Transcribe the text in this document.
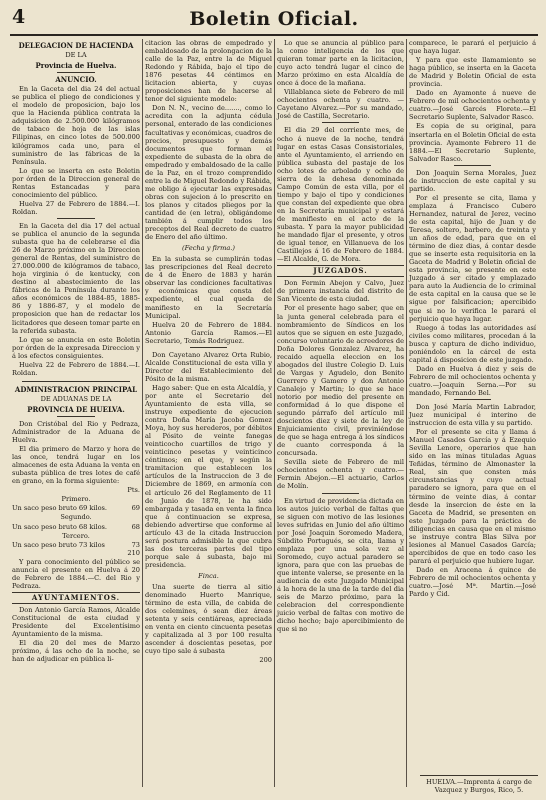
4	Boletin Oficial.
DELEGACION DE HACIENDA
DE LA
Provincia de Huelva.
ANUNCIO.

En la Gaceta del dia 24 del actual se publica el pliego de condiciones y el modelo de proposicion, bajo los que la Hacienda pública contrata la adquisicion de 2.500.000 kilógramos de tabaco de hoja de las islas Filipinas, en cinco lotes de 500.000 kilógramos cada uno, para el suministro de las fábricas de la Península.

Lo que se inserta en este Boletin por órden de la Direccion general de Rentas Estancadas y para conocimiento del público.

Huelva 27 de Febrero de 1884.—I. Roldan.

En la Gaceta del dia 17 del actual se publica el anuncio de la segunda subasta que ha de celebrarse el dia 26 de Marzo próximo en la Direccion general de Rentas, del suministro de 27.000.000 de kilógramos de tabaco, hoja virginia ó de kentucky, con destino al abastecimiento de las fábricas de la Península durante los años económicos de 1884-85, 1885-86 y 1886-87, y el modelo de proposicion que han de redactar los licitadores que deseen tomar parte en la referida subasta.

Lo que se anuncia en este Boletin por órden de la expresada Direccion y á los efectos consiguientes.

Huelva 22 de Febrero de 1884.—I. Roldan.

ADMINISTRACION PRINCIPAL
DE ADUANAS DE LA
PROVINCIA DE HUELVA.

Don Cristóbal del Rio y Pedraza, Administrador de la Aduana de Huelva.

El dia primero de Marzo y hora de las once, tendrá lugar en los almacenes de esta Aduana la venta en subasta pública de tres lotes de café en grano, en la forma siguiente:

Pts.
Primero.
Un saco peso bruto 69 kilos.	69
Segundo.
Un saco peso bruto 68 kilos.	68
Tercero.
Un saco peso bruto 73 kilos	73
210

Y para conocimiento del público se anuncia el presente en Huelva á 20 de Febrero de 1884.—C. del Rio y Pedraza.

AYUNTAMIENTOS.

Don Antonio García Ramos, Alcalde Constitucional de esta ciudad y Presidente del Excelentísimo Ayuntamiento de la misma.

El dia 20 del mes de Marzo próximo, á las ocho de la noche, se han de adjudicar en pública li-

citacion las obras de empedrado y embaldosado de la prolongacion de la calle de la Paz, entre la de Miguel Redondo y Rábida, bajo el tipo de 1876 pesetas 44 céntimos en licitacion abierta, y cuyas proposiciones han de hacerse al tenor del siguiente modelo:

Don N. N., vecino de......., como lo acredita con la adjunta cédula personal, enterado de las condiciones facultativas y económicas, cuadros de precios, presupuesto y demás documentos que forman el expediente de subasta de la obra de empedrado y embaldosado de la calle de la Paz, en el trozo comprendido entre la de Miguel Redondo y Rábida, me obligo á ejecutar las expresadas obras con sujecion á lo prescrito en los planos y citados pliegos por la cantidad de (en letra), obligándome también á cumplir todos los preceptos del Real decreto de cuatro de Enero del año último.

(Fecha y firma.)

En la subasta se cumplirán todas las prescripciones del Real decreto de 4 de Enero de 1883 y harán observar las condiciones facultativas y económicas que consta del expediente, el cual queda de manifiesto en la Secretaría Municipal.

Huelva 20 de Febrero de 1884. Antonio García Ramos.—El Secretario, Tomás Rodriguez.

Don Cayetano Alvarez Orta Rubio, Alcalde Constitucional de esta villa y Director del Establecimiento del Pósito de la misma.

Hago saber: Que en esta Alcaldía, y por ante el Secretario del Ayuntamiento de esta villa, se instruye expediente de ejecucion contra Doña María Jacoba Gomez Moya, hoy sus herederos, por débitos al Pósito de veinte fanegas veinticocho cuartillos de trigo y veinticinco pesetas y veinticinco céntimos; en el que, y según la tramitacion que establecen los artículos de la Instruccion de 3 de Diciembre de 1869, en armonía con el artículo 26 del Reglamento de 11 de Junio de 1878, le ha sido embargada y tasada en venta la finca que á continuacion se expresa, debiendo advertirse que conforme al artículo 43 de la citada Instruccion será postura admisible la que cubra las dos terceras partes del tipo porque sale á subasta, bajo mi presidencia.

Finca.

Una suerte de tierra al sitio denominado Huerto Manrique, término de esta villa, de cabida de dos celemines, ó sean diez áreas setenta y seis centiáreas, apreciada en venta en ciento cincuenta pesetas y capitalizada al 3 por 100 resulta ascender á doscientas pesetas, por cuyo tipo sale á subasta

200

Lo que se anuncia al público para la como inteligencia de los que quieran tomar parte en la licitacion, cuyo acto tendrá lugar el cinco de Marzo próximo en esta Alcaldía de once á doce de la mañana.

Villablanca siete de Febrero de mil ochocientos ochenta y cuatro. —Cayetano Alvarez.—Por su mandado, José de Castilla, Secretario.

El dia 29 del corriente mes, de ocho á nueve de la noche, tendrá lugar en estas Casas Consistoriales, ante el Ayuntamiento, el arriendo en pública subasta del pastaje de los ocho lotes de arbolado y ocho de sierra de la dehesa denominada Campo Común de esta villa, por el tiempo y bajo el tipo y condiciones que constan del expediente que obra en la Secretaría municipal y estará de manifiesto en el acto de la subasta. Y para la mayor publicidad he mandado fijar el presente, y otros de igual tenor, en Villanueva de los Castillejos á 16 de Febrero de 1884.—El Alcalde, G. de Mora.

JUZGADOS.

Don Fermin Abejon y Calvo, Juez de primera instancia del distrito de San Vicente de esta ciudad.

Por el presente hago saber, que en la junta general celebrada para el nombramiento de Síndicos en los autos que se siguen en este Juzgado, concurso voluntario de acreedores de Doña Dolores Gonzalez Alvarez, ha recaido aquella eleccion en los abogados del ilustre Colegio D. Luis de Vargas y Agudelo, don Benito Guerrero y Gamero y don Antonio Canalejo y Martin; lo que se hace notorio por medio del presente en conformidad á lo que dispone el segundo párrafo del artículo mil doscientos diez y siete de la ley de Enjuiciamiento civil, previniéndose de que se haga entrega á los síndicos de cuanto corresponda á la concursada.

Sevilla siete de Febrero de mil ochocientos ochenta y cuatro.—Fermin Abejon.—El actuario, Carlos de Molín.

En virtud de providencia dictada en los autos juicio verbal de faltas que se siguen con motivo de las lesiones leves sufridas en Junio del año último por José Joaquin Soromedo Madera, Súbdito Portugués, se cita, llama y emplaza por una sola vez al Soromedo, cuyo actual paradero se ignora, para que con las pruebas de que intente valerse, se presente en la audiencia de este Juzgado Municipal á la hora de la una de la tarde del dia seis de Marzo próximo, para la celebracion del correspondiente juicio verbal de faltas con motivo de dicho hecho; bajo apercibimiento de que si no

comparece, le parará el perjuicio á que haya lugar.

Y para que este llamamiento se haga público, se inserta en la Gaceta de Madrid y Boletin Oficial de esta provincia.

Dado en Ayamonte á nueve de Febrero de mil ochocientos ochenta y cuatro.—José Garcés Florete.—El Secretario Suplente, Salvador Rasco.

Es copia de su original, para insertarla en el Boletin Oficial de esta provincia. Ayamonte Febrero 11 de 1884.—El Secretario Suplente, Salvador Rasco.

Don Joaquin Serna Morales, Juez de instruccion de este capital y su partido.

Por el presente se cita, llama y emplaza á Francisco Cubero Hernandez, natural de Jerez, vecino de esta capital, hijo de Juan y de Teresa, soltero, barbero, de treinta y un años de edad, para que en el término de diez dias, á contar desde que se inserte esta requisitoria en la Gaceta de Madrid y Boletin oficial de esta provincia, se presente en este Juzgado á ser citado y emplazado para auto la Audiencia de lo criminal de esta capital en la causa que se le sigue por falsificacion; apercibido que si no lo verifica le parará el perjuicio que haya lugar.

Ruego á todas las autoridades así civiles como militares, procedan á la busca y captura de dicho individuo, poniéndolo en la cárcel de esta capital á disposicion de este juzgado.

Dado en Huelva á diez y seis de Febrero de mil ochocientos ochenta y cuatro.—Joaquin Serna.—Por su mandado, Fernando Bel.

Don José María Martin Labrador, Juez municipal é interino de instruccion de esta villa y su partido.

Por el presente se cita y llama á Manuel Casados García y á Ezequio Sevilla Lenore, operarios que han sido en las minas tituladas Aguas Teñidas, término de Almonaster la Real, sin que consten más circunstancias y cuyo actual paradero se ignora, para que en el término de veinte dias, á contar desde la insercion de éste en la Gaceta de Madrid, se presenten en este Juzgado para la práctica de diligencias en causa que en el mismo se instruye contra Blas Silva por lesiones al Manuel Casados García; apercibidos de que en todo caso les parará el perjuicio que hubiere lugar.

Dado en Aracena á quince de Febrero de mil ochocientos ochenta y cuatro.—José Mª. Martin.—José Pardo y Cid.

HUELVA.—Imprenta á cargo de
Vazquez y Burgos, Rico, 5.
